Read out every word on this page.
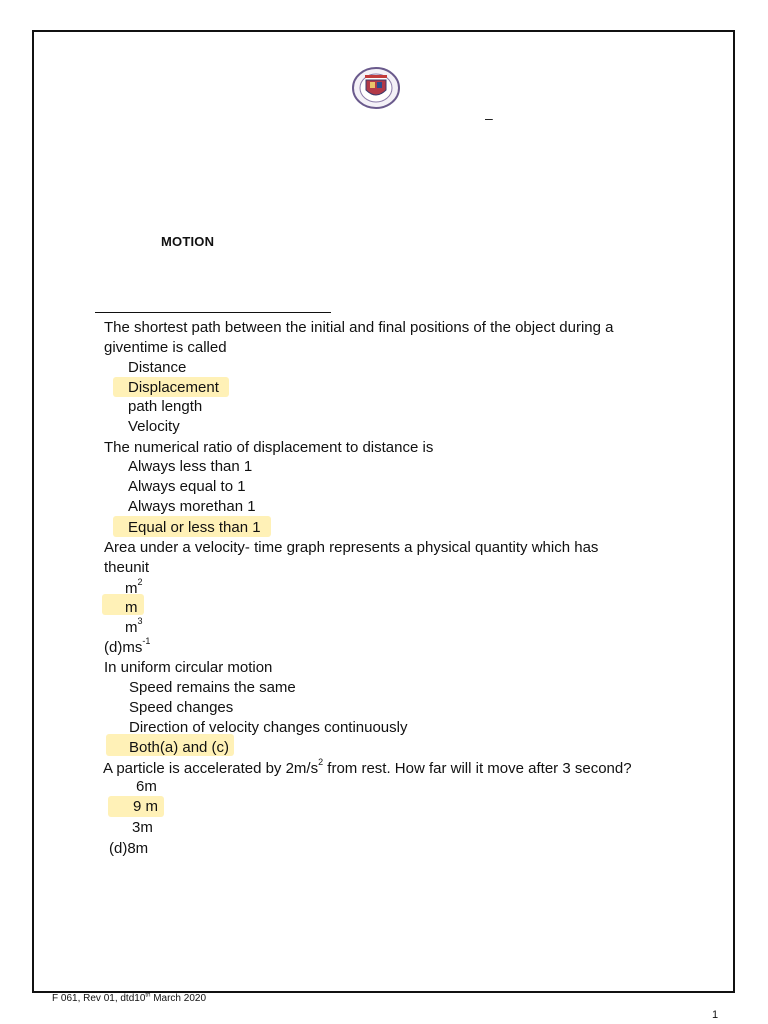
–
MOTION
The shortest path between the initial and final positions of the object during a
giventime is called
Distance
Displacement
path length
Velocity
The numerical ratio of displacement to distance is
Always less than 1
Always equal to 1
Always morethan 1
Equal or less than 1
Area under a velocity- time graph represents a physical quantity which has
theunit
$m^2$
m
$m^3$
$(d)ms^{-1}$
In uniform circular motion
Speed remains the same
Speed changes
Direction of velocity changes continuously
Both(a) and (c)
A particle is accelerated by $2m/s^2$ from rest. How far will it move after 3 second?
6m
9 m
3m
(d)8m
F 061, Rev 01, dtd10th March 2020
1
